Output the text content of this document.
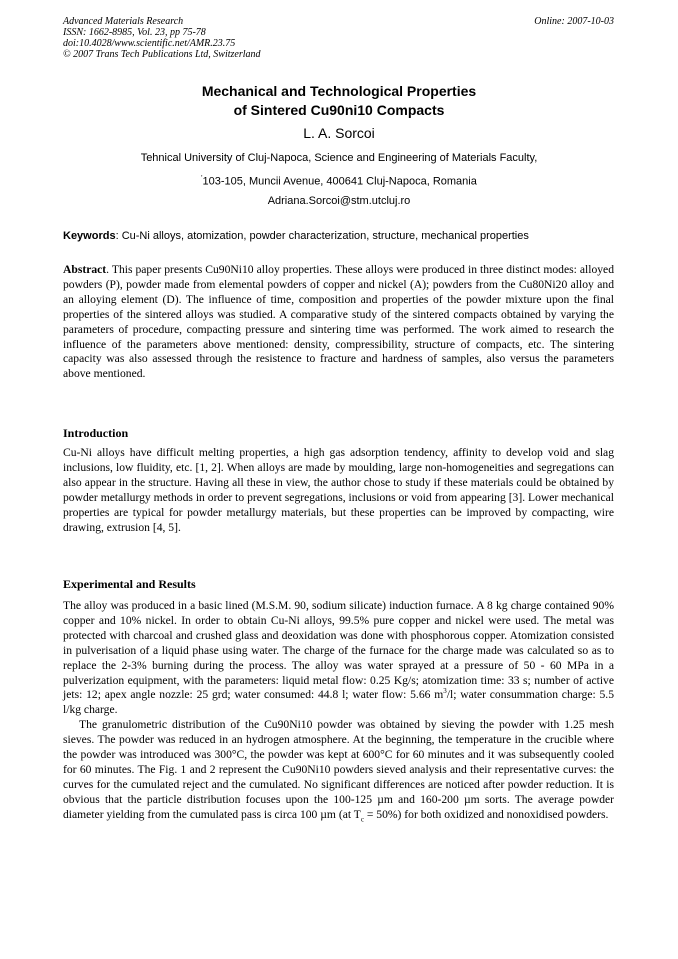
Advanced Materials Research
ISSN: 1662-8985, Vol. 23, pp 75-78
doi:10.4028/www.scientific.net/AMR.23.75
© 2007 Trans Tech Publications Ltd, Switzerland
Online: 2007-10-03
Mechanical and Technological Properties
of Sintered Cu90ni10 Compacts
L. A. Sorcoi
Tehnical University of Cluj-Napoca, Science and Engineering of Materials Faculty,
'103-105, Muncii Avenue, 400641 Cluj-Napoca, Romania
Adriana.Sorcoi@stm.utcluj.ro
Keywords: Cu-Ni alloys, atomization, powder characterization, structure, mechanical properties

Abstract. This paper presents Cu90Ni10 alloy properties. These alloys were produced in three distinct modes: alloyed powders (P), powder made from elemental powders of copper and nickel (A); powders from the Cu80Ni20 alloy and an alloying element (D). The influence of time, composition and properties of the powder mixture upon the final properties of the sintered alloys was studied. A comparative study of the sintered compacts obtained by varying the parameters of procedure, compacting pressure and sintering time was performed. The work aimed to research the influence of the parameters above mentioned: density, compressibility, structure of compacts, etc. The sintering capacity was also assessed through the resistence to fracture and hardness of samples, also versus the parameters above mentioned.

Introduction

Cu-Ni alloys have difficult melting properties, a high gas adsorption tendency, affinity to develop void and slag inclusions, low fluidity, etc. [1, 2]. When alloys are made by moulding, large non-homogeneities and segregations can also appear in the structure. Having all these in view, the author chose to study if these materials could be obtained by powder metallurgy methods in order to prevent segregations, inclusions or void from appearing [3]. Lower mechanical properties are typical for powder metallurgy materials, but these properties can be improved by compacting, wire drawing, extrusion [4, 5].

Experimental and Results

The alloy was produced in a basic lined (M.S.M. 90, sodium silicate) induction furnace. A 8 kg charge contained 90% copper and 10% nickel. In order to obtain Cu-Ni alloys, 99.5% pure copper and nickel were used. The metal was protected with charcoal and crushed glass and deoxidation was done with phosphorous copper. Atomization consisted in pulverisation of a liquid phase using water. The charge of the furnace for the charge made was calculated so as to replace the 2-3% burning during the process. The alloy was water sprayed at a pressure of 50 - 60 MPa in a pulverization equipment, with the parameters: liquid metal flow: 0.25 Kg/s; atomization time: 33 s; number of active jets: 12; apex angle nozzle: 25 grd; water consumed: 44.8 l; water flow: 5.66 $m^3/l$; water consummation charge: 5.5 l/kg charge.

The granulometric distribution of the Cu90Ni10 powder was obtained by sieving the powder with 1.25 mesh sieves. The powder was reduced in an hydrogen atmosphere. At the beginning, the temperature in the crucible where the powder was introduced was 300°C, the powder was kept at 600°C for 60 minutes and it was subsequently cooled for 60 minutes. The Fig. 1 and 2 represent the Cu90Ni10 powders sieved analysis and their representative curves: the curves for the cumulated reject and the cumulated. No significant differences are noticed after powder reduction. It is obvious that the particle distribution focuses upon the 100-125 µm and 160-200 µm sorts. The average powder diameter yielding from the cumulated pass is circa 100 µm (at $T_c = 50\%$) for both oxidized and nonoxidised powders.
